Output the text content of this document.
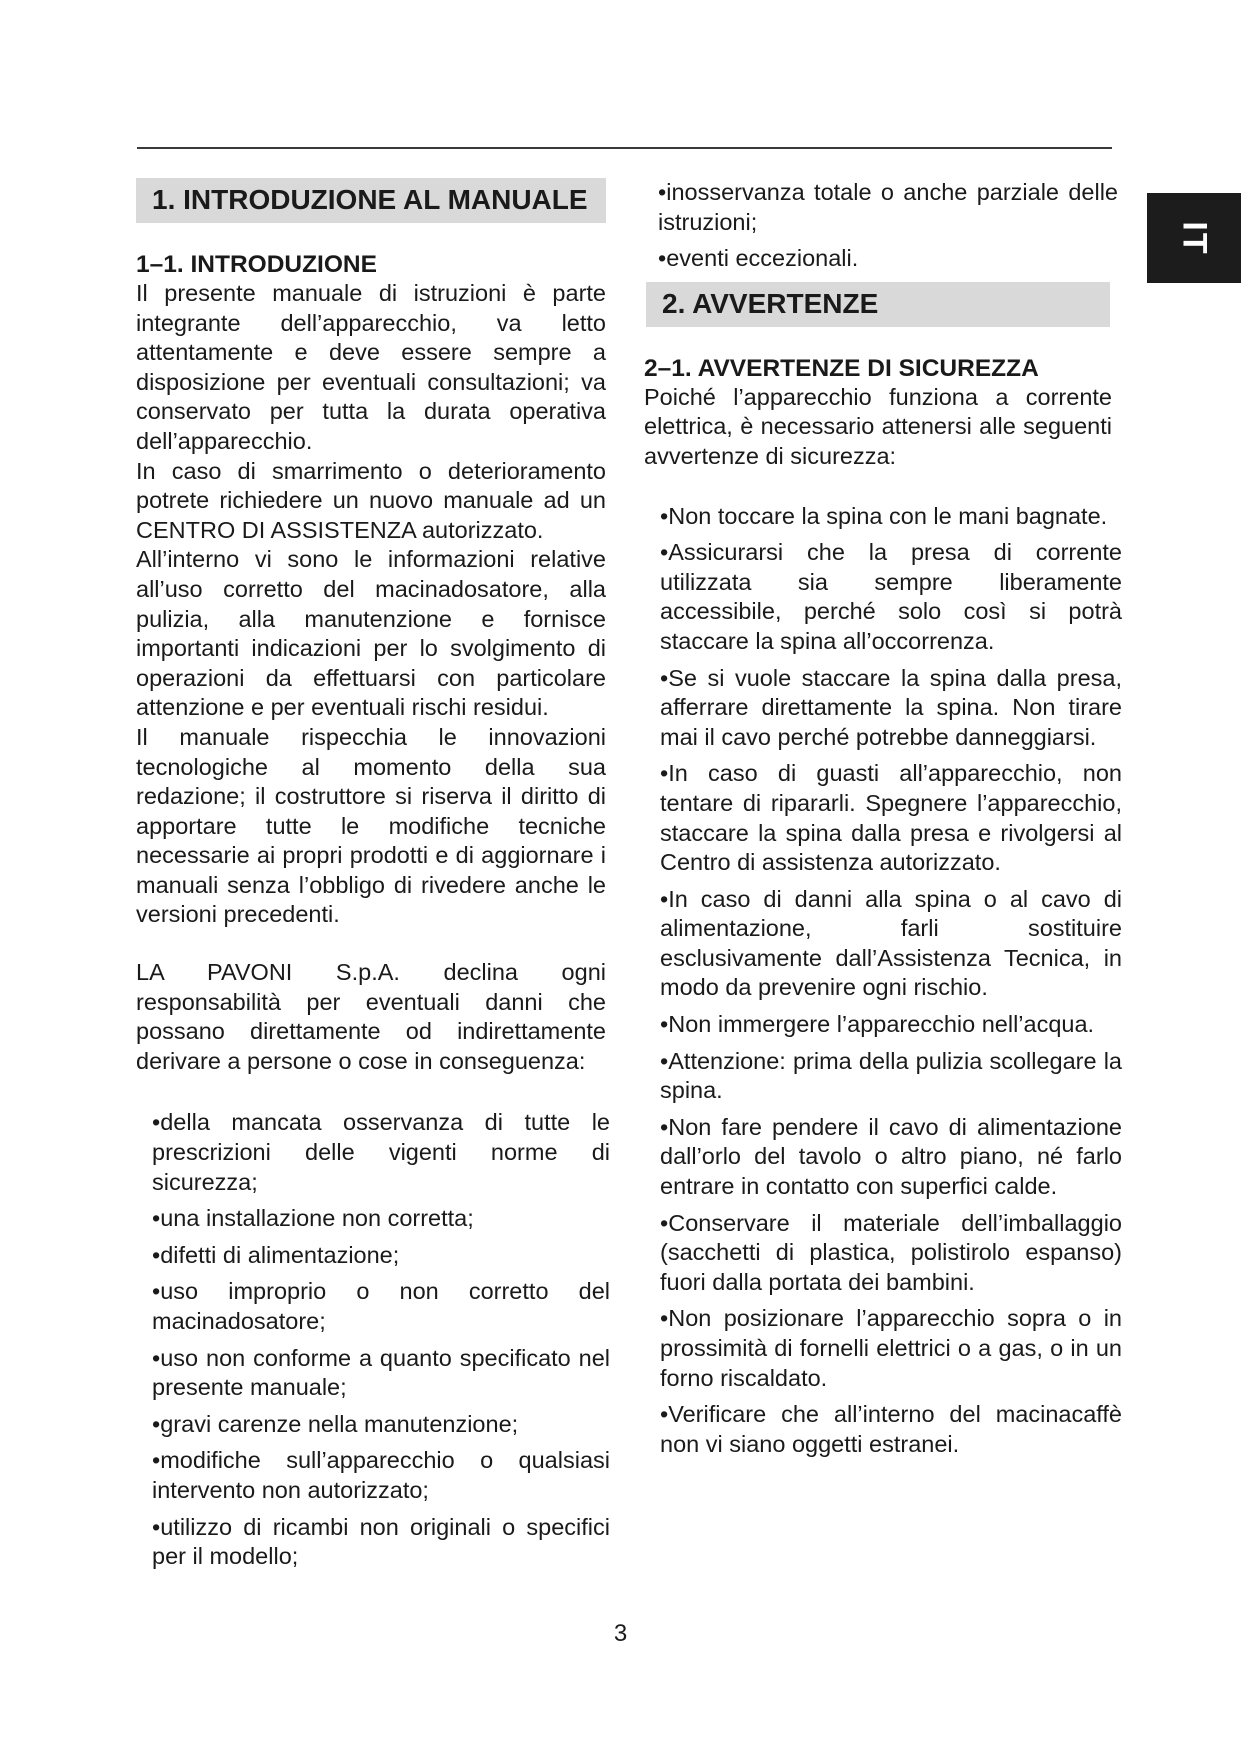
IT
1. INTRODUZIONE AL MANUALE
1–1. INTRODUZIONE

Il presente manuale di istruzioni è parte integrante dell’apparecchio, va letto attentamente e deve essere sempre a disposizione per eventuali consultazioni; va conservato per tutta la durata operativa dell’apparecchio.

In caso di smarrimento o deterioramento potrete richiedere un nuovo manuale ad un CENTRO DI ASSISTENZA autorizzato.

All’interno vi sono le informazioni relative all’uso corretto del macinadosatore, alla pulizia, alla manutenzione e fornisce importanti indicazioni per lo svolgimento di operazioni da effettuarsi con particolare attenzione e per eventuali rischi residui.

Il manuale rispecchia le innovazioni tecnologiche al momento della sua redazione; il costruttore si riserva il diritto di apportare tutte le modifiche tecniche necessarie ai propri prodotti e di aggiornare i manuali senza l’obbligo di rivedere anche le versioni precedenti.

LA PAVONI S.p.A. declina ogni responsabilità per eventuali danni che possano direttamente od indirettamente derivare a persone o cose in conseguenza:

• della mancata osservanza di tutte le prescrizioni delle vigenti norme di sicurezza;
• una installazione non corretta;
• difetti di alimentazione;
• uso improprio o non corretto del macinadosatore;
• uso non conforme a quanto specificato nel presente manuale;
• gravi carenze nella manutenzione;
• modifiche sull’apparecchio o qualsiasi intervento non autorizzato;
• utilizzo di ricambi non originali o specifici per il modello;
• inosservanza totale o anche parziale delle istruzioni;
• eventi eccezionali.
2. AVVERTENZE
2–1. AVVERTENZE DI SICUREZZA

Poiché l’apparecchio funziona a corrente elettrica, è necessario attenersi alle seguenti avvertenze di sicurezza:

• Non toccare la spina con le mani bagnate.
• Assicurarsi che la presa di corrente utilizzata sia sempre liberamente accessibile, perché solo così si potrà staccare la spina all’occorrenza.
• Se si vuole staccare la spina dalla presa, afferrare direttamente la spina. Non tirare mai il cavo perché potrebbe danneggiarsi.
• In caso di guasti all’apparecchio, non tentare di ripararli. Spegnere l’apparecchio, staccare la spina dalla presa e rivolgersi al Centro di assistenza autorizzato.
• In caso di danni alla spina o al cavo di alimentazione, farli sostituire esclusivamente dall’Assistenza Tecnica, in modo da prevenire ogni rischio.
• Non immergere l’apparecchio nell’acqua.
• Attenzione: prima della pulizia scollegare la spina.
• Non fare pendere il cavo di alimentazione dall’orlo del tavolo o altro piano, né farlo entrare in contatto con superfici calde.
• Conservare il materiale dell’imballaggio (sacchetti di plastica, polistirolo espanso) fuori dalla portata dei bambini.
• Non posizionare l’apparecchio sopra o in prossimità di fornelli elettrici o a gas, o in un forno riscaldato.
• Verificare che all’interno del macinacaffè non vi siano oggetti estranei.
3
